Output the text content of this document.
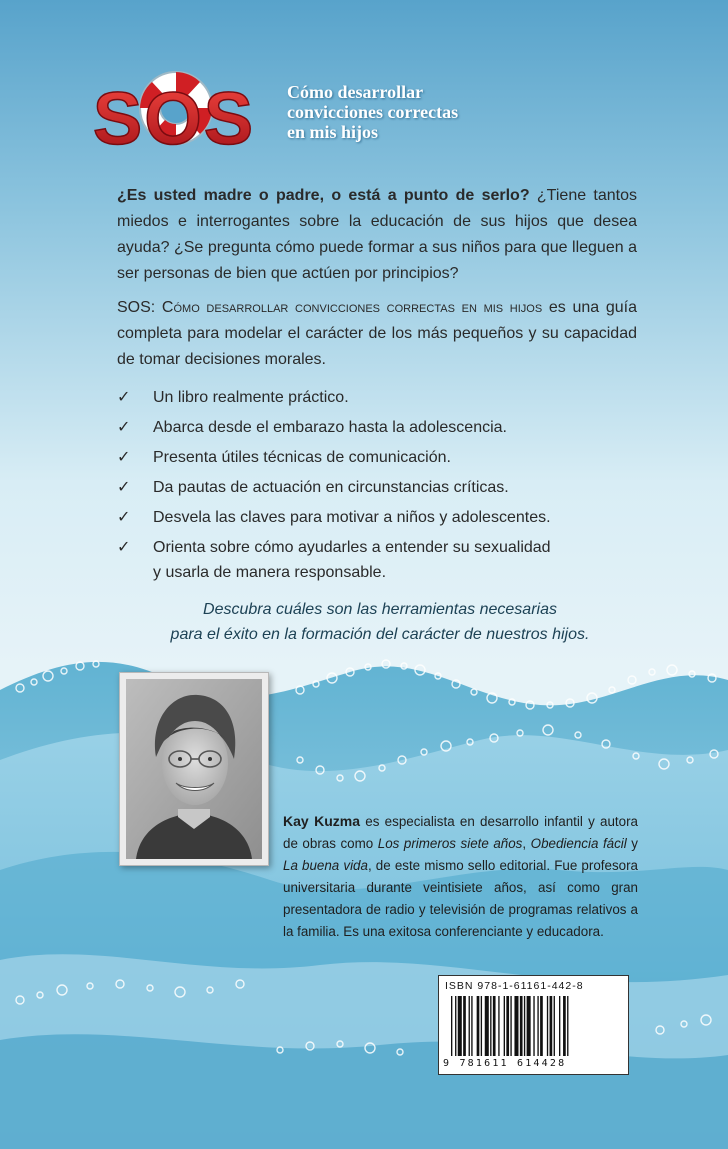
SOS Cómo desarrollar
convicciones correctas
en mis hijos

¿Es usted madre o padre, o está a punto de serlo? ¿Tiene tantos miedos e interrogantes sobre la educación de sus hijos que desea ayuda? ¿Se pregunta cómo puede formar a sus niños para que lleguen a ser personas de bien que actúen por principios?

SOS: Cómo desarrollar convicciones correctas en mis hijos es una guía completa para modelar el carácter de los más pequeños y su capacidad de tomar decisiones morales.

✓	Un libro realmente práctico.
✓	Abarca desde el embarazo hasta la adolescencia.
✓	Presenta útiles técnicas de comunicación.
✓	Da pautas de actuación en circunstancias críticas.
✓	Desvela las claves para motivar a niños y adolescentes.
✓	Orienta sobre cómo ayudarles a entender su sexualidad
y usarla de manera responsable.
Descubra cuáles son las herramientas necesarias
para el éxito en la formación del carácter de nuestros hijos.
Kay Kuzma es especialista en desarrollo infantil y autora de obras como Los primeros siete años, Obediencia fácil y La buena vida, de este mismo sello editorial. Fue profesora universitaria durante veintisiete años, así como gran presentadora de radio y televisión de programas relativos a la familia. Es una exitosa conferenciante y educadora.
ISBN 978-1-61161-442-8
9 781611 614428
